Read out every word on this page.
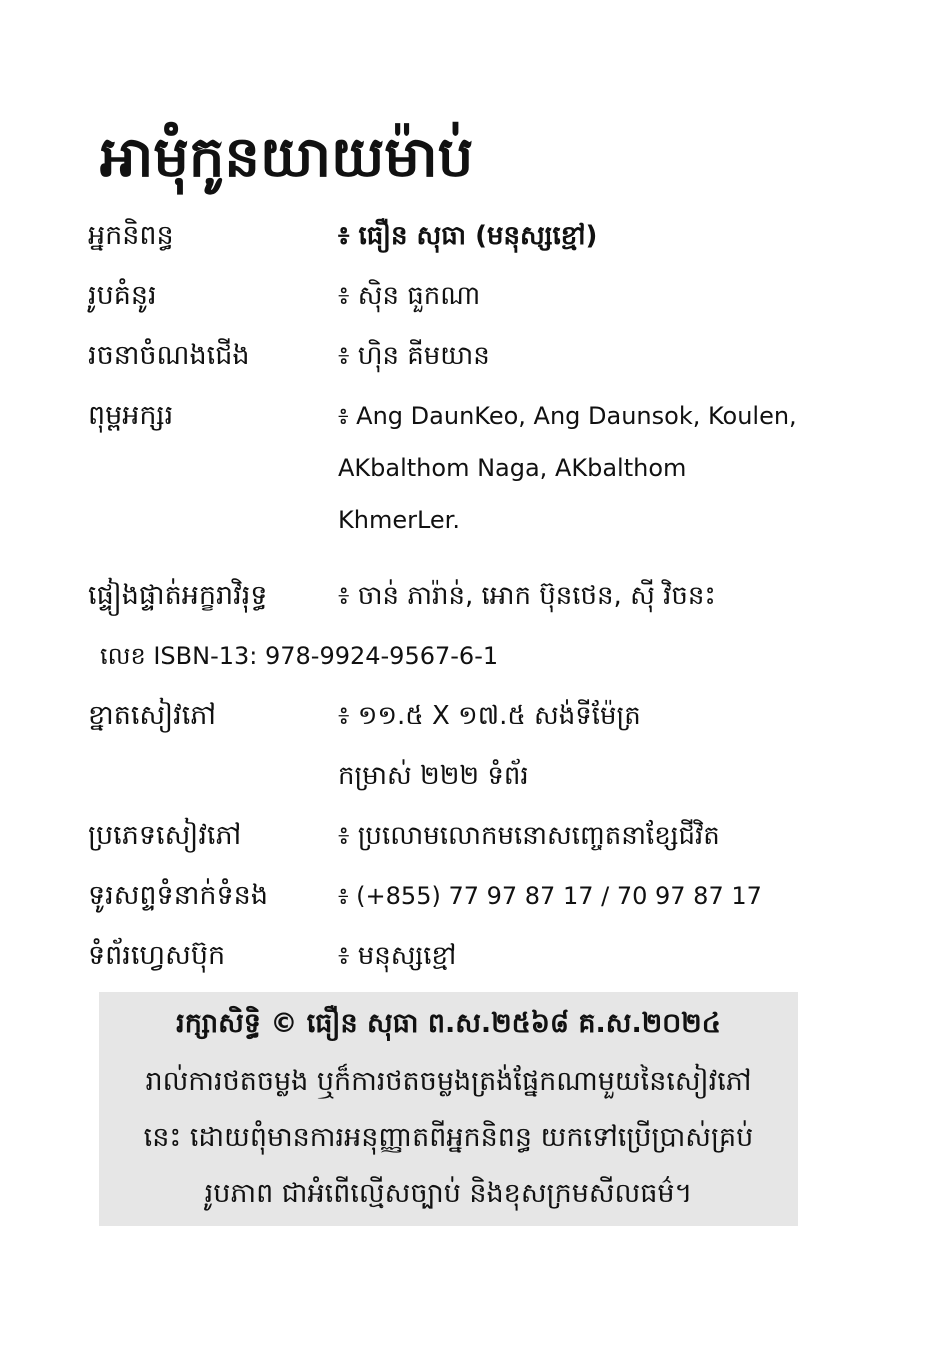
អាមុំកូនយាយម៉ាប់
អ្នកនិពន្ធ	៖ ធឿន សុធា (មនុស្សខ្មៅ)
រូបគំនូរ	៖ ស៊ិន ធួកណា
រចនាចំណងជើង	៖ ហ៊ិន គីមយាន
ពុម្ពអក្សរ	៖ Ang DaunKeo, Ang Daunsok, Koulen,
AKbalthom Naga, AKbalthom
KhmerLer.
ផ្ទៀងផ្ទាត់អក្ខរាវិរុទ្ធ	៖ ចាន់ ភារ៉ាន់, អោក ប៊ុនថេន, ស៊ី វិចនះ
លេខ ISBN-13: 978-9924-9567-6-1
ខ្នាតសៀវភៅ	៖ ១១.៥ X ១៧.៥ សង់ទីម៉ែត្រ
កម្រាស់ ២២២ ទំព័រ
ប្រភេទសៀវភៅ	៖ ប្រលោមលោកមនោសញ្ចេតនាខ្សែជីវិត
ទូរសព្ទទំនាក់ទំនង	៖ (+855) 77 97 87 17 / 70 97 87 17
ទំព័រហ្វេសប៊ុក	៖ មនុស្សខ្មៅ
រក្សាសិទ្ធិ © ធឿន សុធា ព.ស.២៥៦៨ គ.ស.២០២៤
រាល់ការថតចម្លង ឬក៏ការថតចម្លងត្រង់ផ្នែកណាមួយនៃសៀវភៅ
នេះ ដោយពុំមានការអនុញ្ញាតពីអ្នកនិពន្ធ យកទៅប្រើប្រាស់គ្រប់
រូបភាព ជាអំពើល្មើសច្បាប់ និងខុសក្រមសីលធម៌។
